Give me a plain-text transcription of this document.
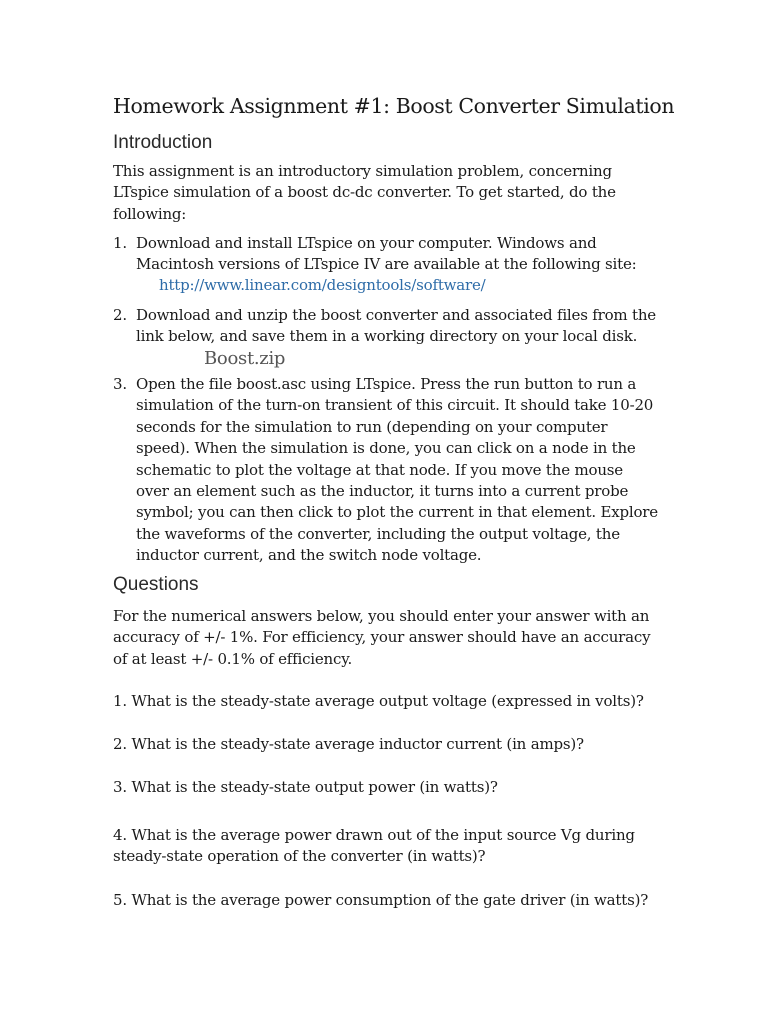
Homework Assignment #1: Boost Converter Simulation
Introduction

This assignment is an introductory simulation problem, concerning LTspice simulation of a boost dc-dc converter. To get started, do the following:

1. Download and install LTspice on your computer. Windows and Macintosh versions of LTspice IV are available at the following site:
http://www.linear.com/designtools/software/
2. Download and unzip the boost converter and associated files from the link below, and save them in a working directory on your local disk.
Boost.zip
3. Open the file boost.asc using LTspice. Press the run button to run a simulation of the turn-on transient of this circuit. It should take 10-20 seconds for the simulation to run (depending on your computer speed). When the simulation is done, you can click on a node in the schematic to plot the voltage at that node. If you move the mouse over an element such as the inductor, it turns into a current probe symbol; you can then click to plot the current in that element. Explore the waveforms of the converter, including the output voltage, the inductor current, and the switch node voltage.
Questions

For the numerical answers below, you should enter your answer with an accuracy of +/- 1%. For efficiency, your answer should have an accuracy of at least +/- 0.1% of efficiency.

1. What is the steady-state average output voltage (expressed in volts)?

2. What is the steady-state average inductor current (in amps)?

3. What is the steady-state output power (in watts)?

4. What is the average power drawn out of the input source Vg during steady-state operation of the converter (in watts)?

5. What is the average power consumption of the gate driver (in watts)?
